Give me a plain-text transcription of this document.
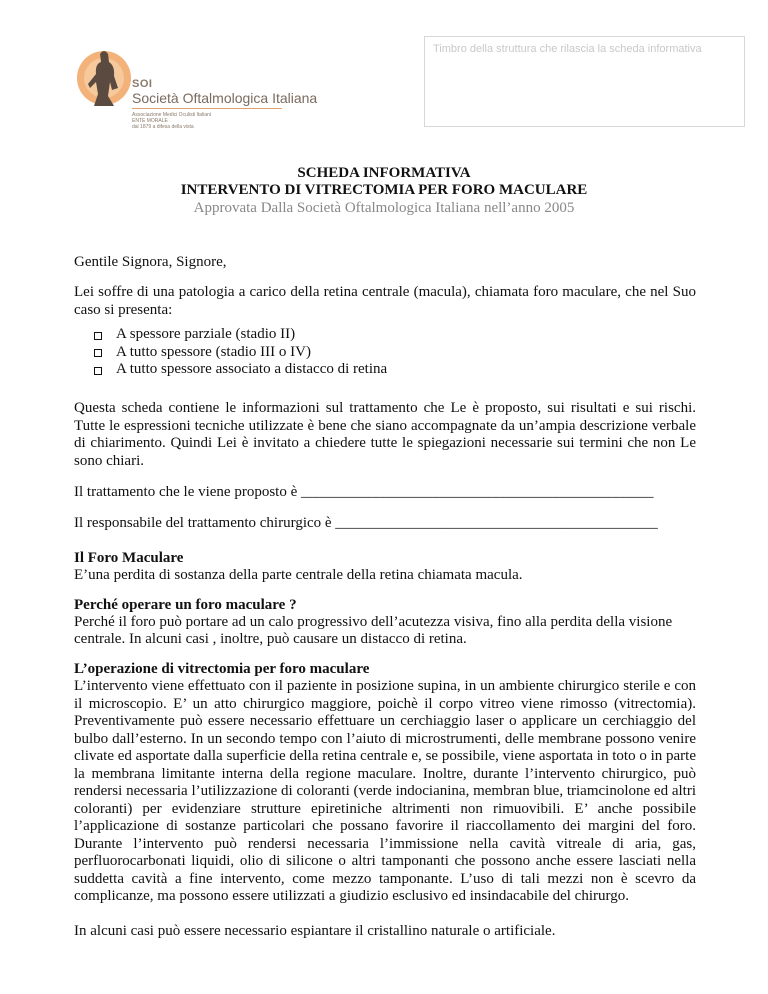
SOI
Società Oftalmologica Italiana
Associazione Medici Oculisti Italiani
ENTE MORALE
dal 1879 a difesa della vista
Timbro della struttura che rilascia la scheda informativa
SCHEDA INFORMATIVA
INTERVENTO DI VITRECTOMIA PER FORO MACULARE
Approvata Dalla Società Oftalmologica Italiana nell’anno 2005
Gentile Signora, Signore,
Lei soffre di una patologia a carico della retina centrale (macula), chiamata foro maculare, che nel Suo caso si presenta:
A spessore parziale (stadio II)
A tutto spessore (stadio III o IV)
A tutto spessore associato a distacco di retina
Questa scheda contiene le informazioni sul trattamento che Le è proposto, sui risultati e sui rischi. Tutte le espressioni tecniche utilizzate è bene che siano accompagnate da un’ampia descrizione verbale di chiarimento. Quindi Lei è invitato a chiedere tutte le spiegazioni necessarie sui termini che non Le sono chiari.
Il trattamento che le viene proposto è _______________________________________________
Il responsabile del trattamento chirurgico è ___________________________________________
Il Foro Maculare
E’una perdita di sostanza della parte centrale della retina chiamata macula.
Perché operare un foro maculare ?
Perché il foro può portare ad un calo progressivo dell’acutezza visiva, fino alla perdita della visione
centrale. In alcuni casi , inoltre, può causare un distacco di retina.
L’operazione di vitrectomia per foro maculare
L’intervento viene effettuato con il paziente in posizione supina, in un ambiente chirurgico sterile e con il microscopio. E’ un atto chirurgico maggiore, poichè il corpo vitreo viene rimosso (vitrectomia). Preventivamente può essere necessario effettuare un cerchiaggio laser o applicare un cerchiaggio del bulbo dall’esterno. In un secondo tempo con l’aiuto di microstrumenti, delle membrane possono venire clivate ed asportate dalla superficie della retina centrale e, se possibile, viene asportata in toto o in parte la membrana limitante interna della regione maculare. Inoltre, durante l’intervento chirurgico, può rendersi necessaria l’utilizzazione di coloranti (verde indocianina, membran blue, triamcinolone ed altri coloranti) per evidenziare strutture epiretiniche altrimenti non rimuovibili. E’ anche possibile l’applicazione di sostanze particolari che possano favorire il riaccollamento dei margini del foro. Durante l’intervento può rendersi necessaria l’immissione nella cavità vitreale di aria, gas, perfluorocarbonati liquidi, olio di silicone o altri tamponanti che possono anche essere lasciati nella suddetta cavità a fine intervento, come mezzo tamponante. L’uso di tali mezzi non è scevro da complicanze, ma possono essere utilizzati a giudizio esclusivo ed insindacabile del chirurgo.
In alcuni casi può essere necessario espiantare il cristallino naturale o artificiale.
